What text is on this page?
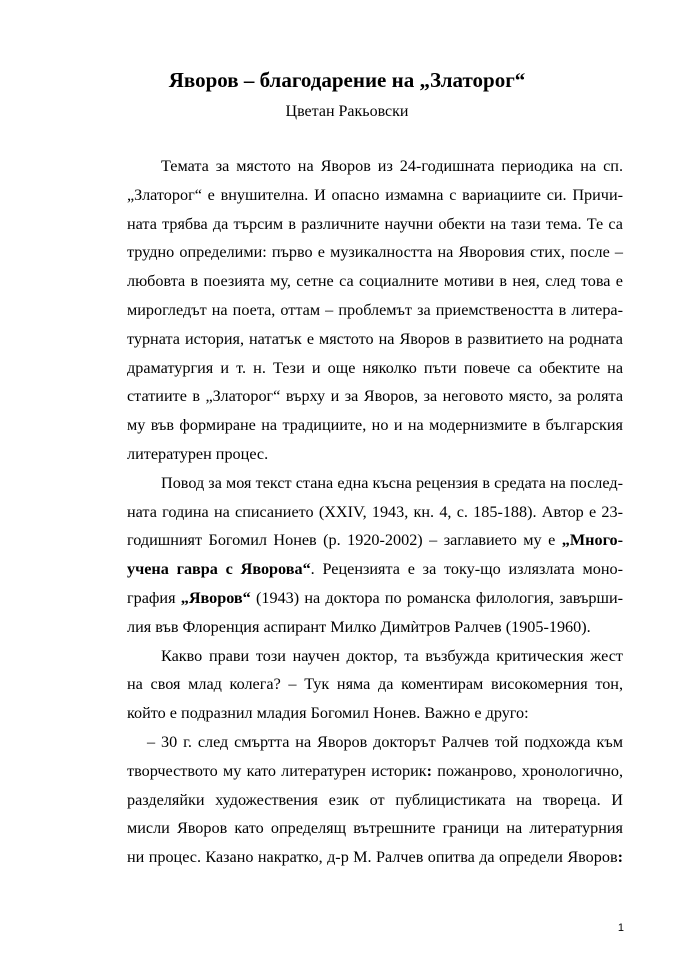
Яворов – благодарение на „Златорог“

Цветан Ракьовски

Темата за мястото на Яворов из 24-годишната периодика на сп.
„Златорог“ е внушителна. И опасно измамна с вариациите си. Причи-
ната трябва да търсим в различните научни обекти на тази тема. Те са
трудно определими: първо е музикалността на Яворовия стих, после –
любовта в поезията му, сетне са социалните мотиви в нея, след това е
мирогледът на поета, оттам – проблемът за приемствеността в литера-
турната история, нататък е мястото на Яворов в развитието на родната
драматургия и т. н. Тези и още няколко пъти повече са обектите на
статиите в „Златорог“ върху и за Яворов, за неговото място, за ролята
му във формиране на традициите, но и на модернизмите в българския
литературен процес.
Повод за моя текст стана една късна рецензия в средата на послед-
ната година на списанието (XXIV, 1943, кн. 4, с. 185-188). Автор е 23-
годишният Богомил Нонев (р. 1920-2002) – заглавието му е „Много-
учена гавра с Яворова“. Рецензията е за току-що излязлата моно-
графия „Яворов“ (1943) на доктора по романска филология, завърши-
лия във Флоренция аспирант Милко Димѝтров Ралчев (1905-1960).
Какво прави този научен доктор, та възбужда критическия жест
на своя млад колега? – Тук няма да коментирам високомерния тон,
който е подразнил младия Богомил Нонев. Важно е друго:
– 30 г. след смъртта на Яворов докторът Ралчев той подхожда към
творчеството му като литературен историк: пожанрово, хронологично,
разделяйки художествения език от публицистиката на твореца. И
мисли Яворов като определящ вътрешните граници на литературния
ни процес. Казано накратко, д-р М. Ралчев опитва да определи Яворов:
1
